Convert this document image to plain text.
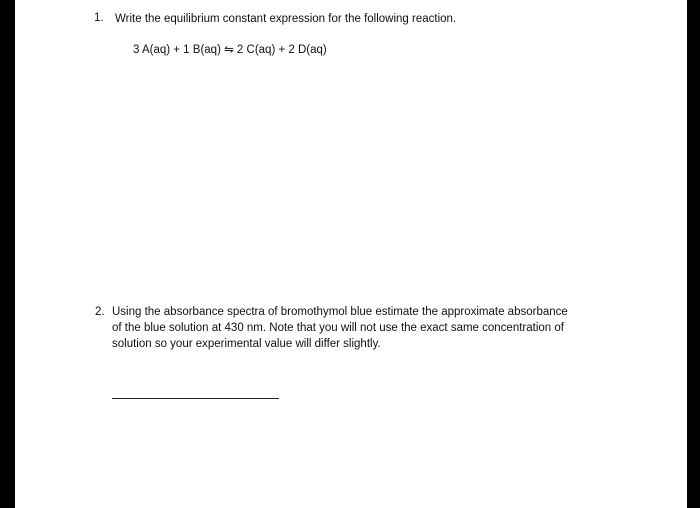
1. Write the equilibrium constant expression for the following reaction.
3 A(aq) + 1 B(aq) ⇋ 2 C(aq) + 2 D(aq)
2. Using the absorbance spectra of bromothymol blue estimate the approximate absorbance
of the blue solution at 430 nm. Note that you will not use the exact same concentration of
solution so your experimental value will differ slightly.
